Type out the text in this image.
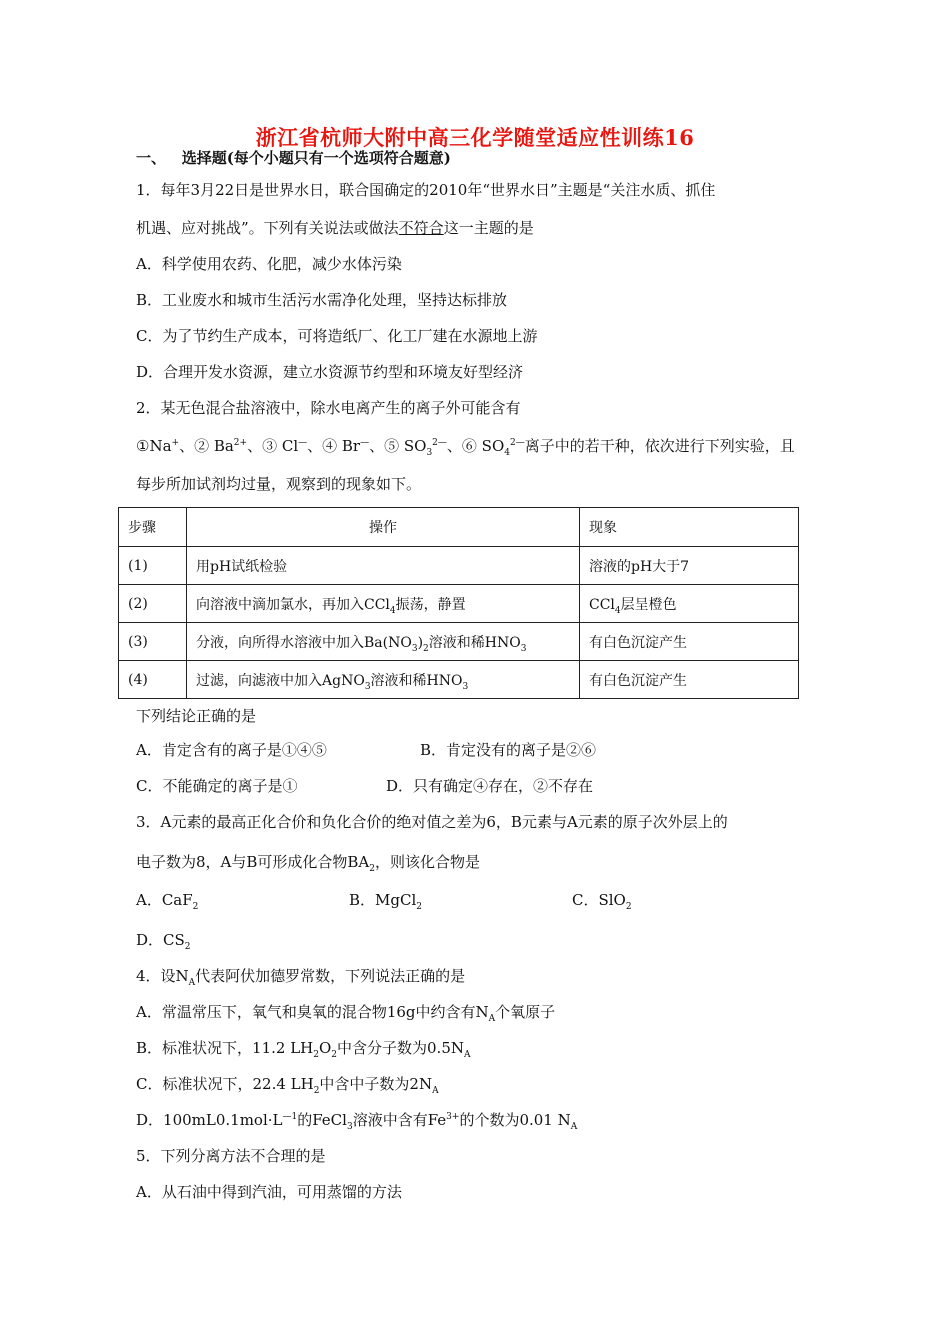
浙江省杭师大附中高三化学随堂适应性训练16
一、 选择题(每个小题只有一个选项符合题意)
1．每年3月22日是世界水日，联合国确定的2010年“世界水日”主题是“关注水质、抓住
机遇、应对挑战”。下列有关说法或做法不符合这一主题的是
A．科学使用农药、化肥，减少水体污染
B．工业废水和城市生活污水需净化处理，坚持达标排放
C．为了节约生产成本，可将造纸厂、化工厂建在水源地上游
D．合理开发水资源，建立水资源节约型和环境友好型经济
2．某无色混合盐溶液中，除水电离产生的离子外可能含有
①Na+、② $Ba^{2+}$、③ Cl—、④ Br—、⑤ $SO_3^{2—}$、⑥ $SO_4^{2—}$离子中的若干种，依次进行下列实验，且
每步所加试剂均过量，观察到的现象如下。
步骤	操作	现象
(1)	用pH试纸检验	溶液的pH大于7
(2)	向溶液中滴加氯水，再加入CCl$_4$振荡，静置	CCl$_4$层呈橙色
(3)	分液，向所得水溶液中加入$Ba(NO_3)_2$溶液和稀$HNO_3$	有白色沉淀产生
(4)	过滤，向滤液中加入AgNO$_3$溶液和稀$HNO_3$	有白色沉淀产生
下列结论正确的是
A．肯定含有的离子是①④⑤	B．肯定没有的离子是②⑥
C．不能确定的离子是①	D．只有确定④存在，②不存在
3．A元素的最高正化合价和负化合价的绝对值之差为6，B元素与A元素的原子次外层上的
电子数为8，A与B可形成化合物$BA_2$，则该化合物是
A．CaF$_2$	B．MgCl$_2$	C．SlO$_2$
D．$CS_2$
4．设$N_A$代表阿伏加德罗常数，下列说法正确的是
A．常温常压下，氧气和臭氧的混合物16g中约含有$N_A$个氧原子
B．标准状况下，11.2 $LH_2O_2$中含分子数为$0.5N_A$
C．标准状况下，22.4 $LH_2$中含中子数为$2N_A$
D．$100mL0.1mol\cdot L^{—1}$的FeCl$_3$溶液中含有$Fe^{3+}$的个数为0.01 $N_A$
5．下列分离方法不合理的是
A．从石油中得到汽油，可用蒸馏的方法
